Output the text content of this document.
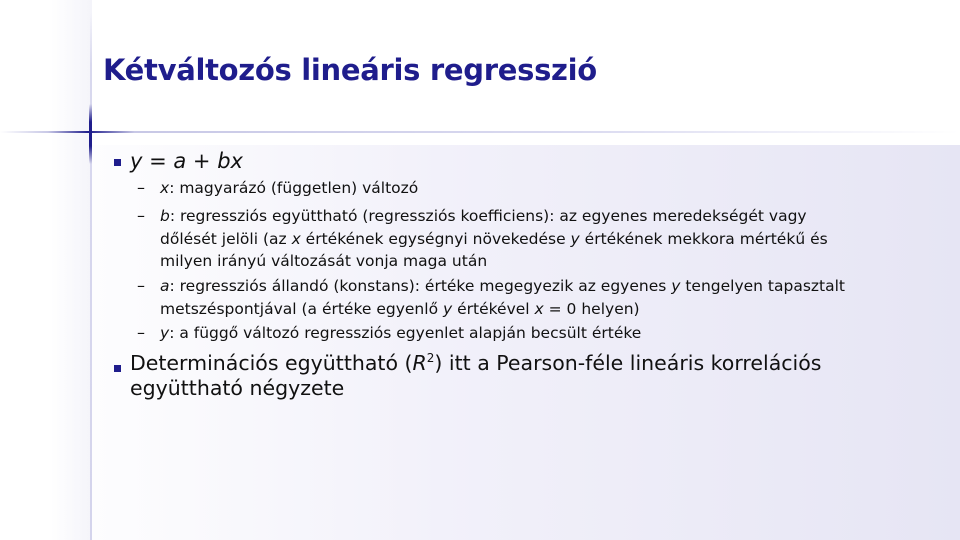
Kétváltozós lineáris regresszió
y = a + bx
– x: magyarázó (független) változó
– b: regressziós együttható (regressziós koefficiens): az egyenes meredekségét vagy
dőlését jelöli (az x értékének egységnyi növekedése y értékének mekkora mértékű és
milyen irányú változását vonja maga után
– a: regressziós állandó (konstans): értéke megegyezik az egyenes y tengelyen tapasztalt
metszéspontjával (a értéke egyenlő y értékével x = 0 helyen)
– y: a függő változó regressziós egyenlet alapján becsült értéke
Determinációs együttható $(R^2)$ itt a Pearson-féle lineáris korrelációs
együttható négyzete
